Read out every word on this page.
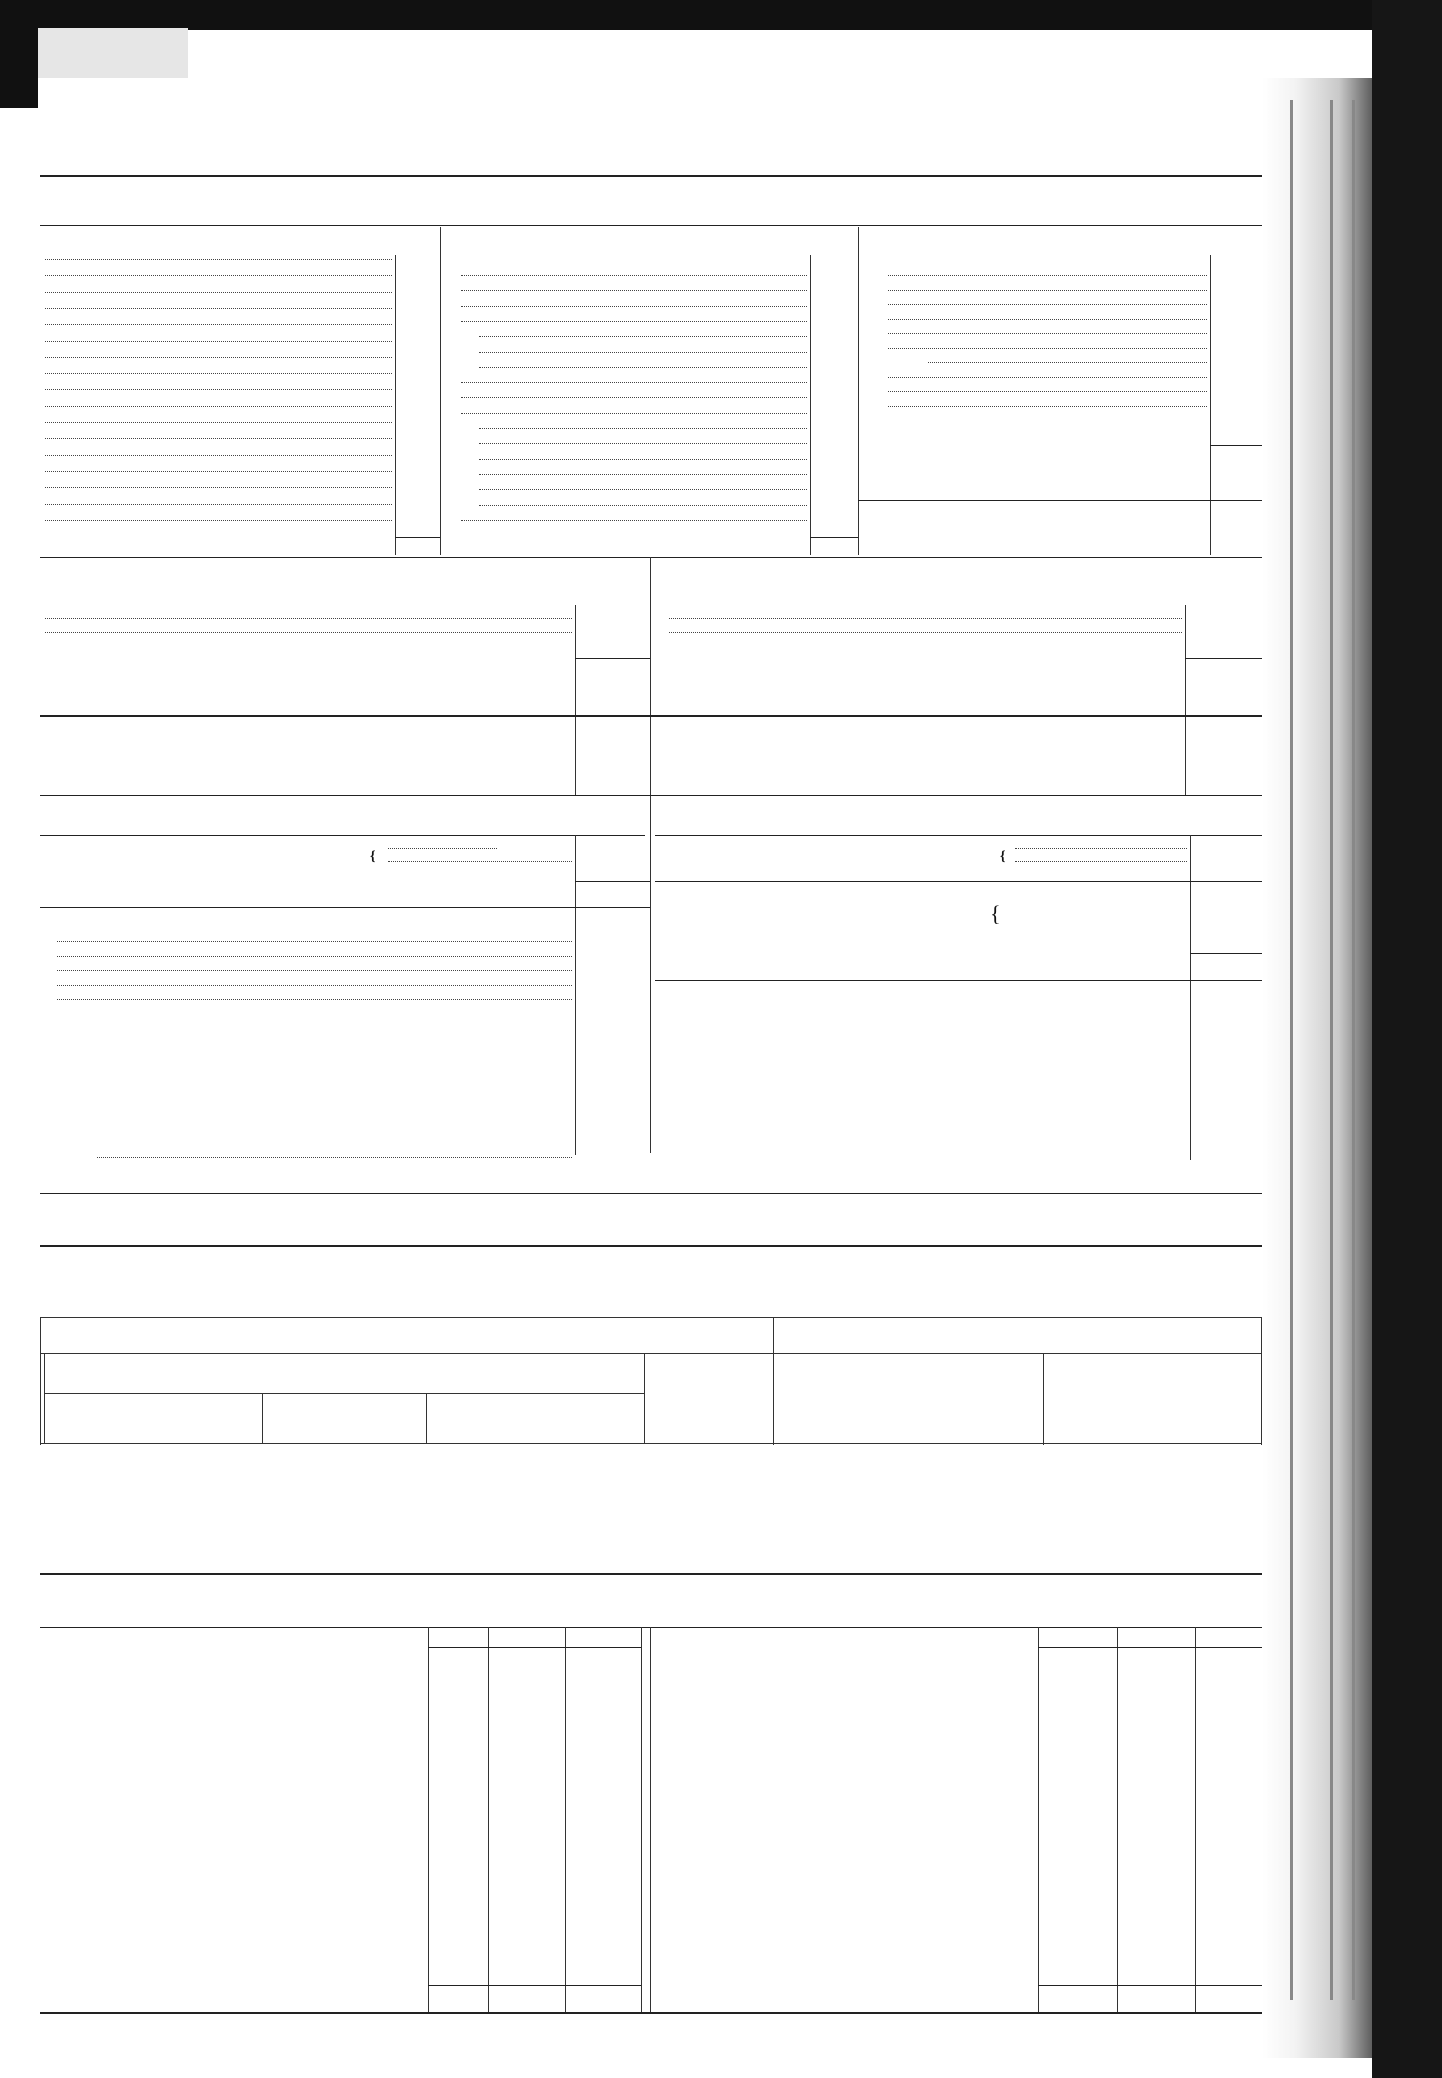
{	{
{
